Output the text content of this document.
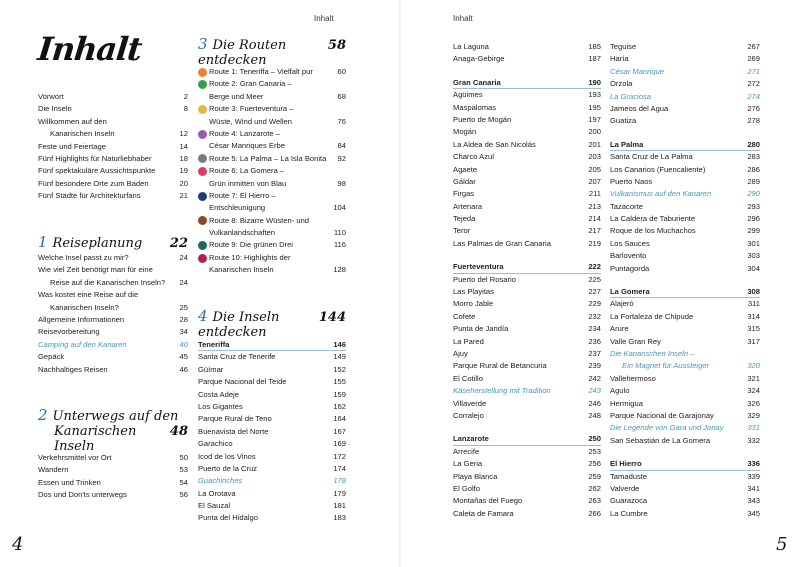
Inhalt	Inhalt
4	5
Inhalt
Vorwort	2
Die Inseln	8
Willkommen auf den
Kanarischen Inseln	12
Feste und Feiertage	14
Fünf Highlights für Naturliebhaber	18
Fünf spektakuläre Aussichtspunkte	19
Fünf besondere Orte zum Baden	20
Fünf Städte für Architekturfans	21
1 Reiseplanung 22
Welche Insel passt zu mir?	24
Wie viel Zeit benötigt man für eine
Reise auf die Kanarischen Inseln?	24
Was kostet eine Reise auf die
Kanarischen Inseln?	25
Allgemeine Informationen	28
Reisevorbereitung	34
Camping auf den Kanaren	40
Gepäck	45
Nachhaltiges Reisen	46
2 Unterwegs auf den
Kanarischen Inseln
48
Verkehrsmittel vor Ort	50
Wandern	53
Essen und Trinken	54
Dos und Don'ts unterwegs	56
3 Die Routen entdecken
58
Route 1: Teneriffa – Vielfalt pur	60
Route 2: Gran Canaria –
Berge und Meer	68
Route 3: Fuerteventura –
Wüste, Wind und Wellen	76
Route 4: Lanzarote –
César Manriques Erbe	84
Route 5: La Palma – La Isla Bonita	92
Route 6: La Gomera –
Grün inmitten von Blau	98
Route 7: El Hierro –
Entschleunigung	104
Route 8: Bizarre Wüsten- und
Vulkanlandschaften	110
Route 9: Die grünen Drei	116
Route 10: Highlights der
Kanarischen Inseln	128
4 Die Inseln entdecken
144
Teneriffa	146
Santa Cruz de Tenerife	149
Güímar	152
Parque Nacional del Teide	155
Costa Adeje	159
Los Gigantes	162
Parque Rural de Teno	164
Buenavista del Norte	167
Garachico	169
Icod de los Vinos	172
Puerto de la Cruz	174
Guachinches	178
La Orotava	179
El Sauzal	181
Punta del Hidalgo	183
La Laguna	185
Anaga-Gebirge	187
Gran Canaria	190
Agüimes	193
Maspalomas	195
Puerto de Mogán	197
Mogán	200
La Aldea de San Nicolás	201
Charco Azul	203
Agaete	205
Gáldar	207
Firgas	211
Artenara	213
Tejeda	214
Teror	217
Las Palmas de Gran Canaria	219
Fuerteventura	222
Puerto del Rosario	225
Las Playitas	227
Morro Jable	229
Cofete	232
Punta de Jandía	234
La Pared	236
Ajuy	237
Parque Rural de Betancuria	239
El Cotillo	242
Käseherstellung mit Tradition	243
Villaverde	246
Corralejo	248
Lanzarote	250
Arrecife	253
La Geria	256
Playa Blanca	259
El Golfo	262
Montañas del Fuego	263
Caleta de Famara	266
Teguise	267
Haría	269
César Manrique	271
Órzola	272
La Graciosa	274
Jameos del Agua	276
Guatiza	278
La Palma	280
Santa Cruz de La Palma	283
Los Canarios (Fuencaliente)	286
Puerto Naos	289
Vulkanismus auf den Kanaren	290
Tazacorte	293
La Caldera de Taburiente	296
Roque de los Muchachos	299
Los Sauces	301
Barlovento	303
Puntagorda	304
La Gomera	308
Alajeró	311
La Fortaleza de Chipude	314
Arure	315
Valle Gran Rey	317
Die Kanarischen Inseln –
Ein Magnet für Aussteiger	320
Vallehermoso	321
Agulo	324
Hermigua	326
Parque Nacional de Garajonay	329
Die Legende von Gara und Jonay	331
San Sebastián de La Gomera	332
El Hierro	336
Tamaduste	339
Valverde	341
Guarazoca	343
La Cumbre	345
